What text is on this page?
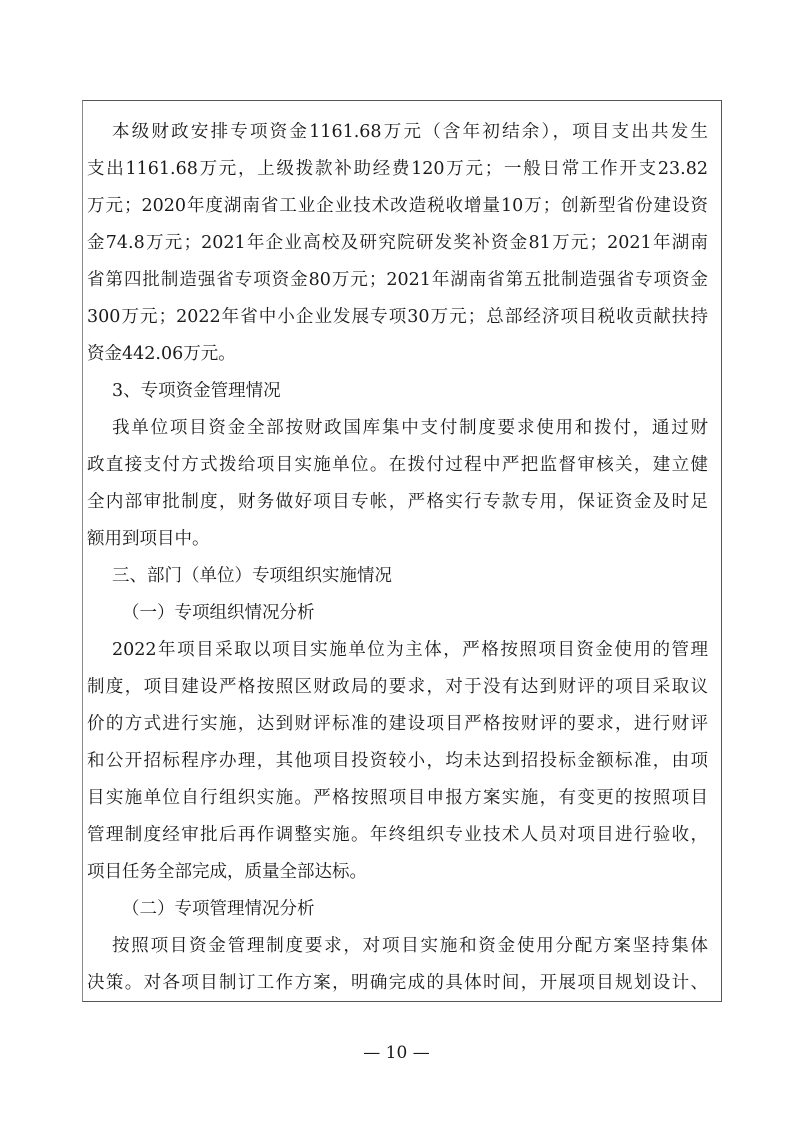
本级财政安排专项资金1161.68万元（含年初结余），项目支出共发生
支出1161.68万元，上级拨款补助经费120万元；一般日常工作开支23.82
万元；2020年度湖南省工业企业技术改造税收增量10万；创新型省份建设资
金74.8万元；2021年企业高校及研究院研发奖补资金81万元；2021年湖南
省第四批制造强省专项资金80万元；2021年湖南省第五批制造强省专项资金
300万元；2022年省中小企业发展专项30万元；总部经济项目税收贡献扶持
资金442.06万元。
3、专项资金管理情况
我单位项目资金全部按财政国库集中支付制度要求使用和拨付，通过财
政直接支付方式拨给项目实施单位。在拨付过程中严把监督审核关，建立健
全内部审批制度，财务做好项目专帐，严格实行专款专用，保证资金及时足
额用到项目中。
三、部门（单位）专项组织实施情况
（一）专项组织情况分析
2022年项目采取以项目实施单位为主体，严格按照项目资金使用的管理
制度，项目建设严格按照区财政局的要求，对于没有达到财评的项目采取议
价的方式进行实施，达到财评标准的建设项目严格按财评的要求，进行财评
和公开招标程序办理，其他项目投资较小，均未达到招投标金额标准，由项
目实施单位自行组织实施。严格按照项目申报方案实施，有变更的按照项目
管理制度经审批后再作调整实施。年终组织专业技术人员对项目进行验收，
项目任务全部完成，质量全部达标。
（二）专项管理情况分析
按照项目资金管理制度要求，对项目实施和资金使用分配方案坚持集体
决策。对各项目制订工作方案，明确完成的具体时间，开展项目规划设计、
— 10 —
